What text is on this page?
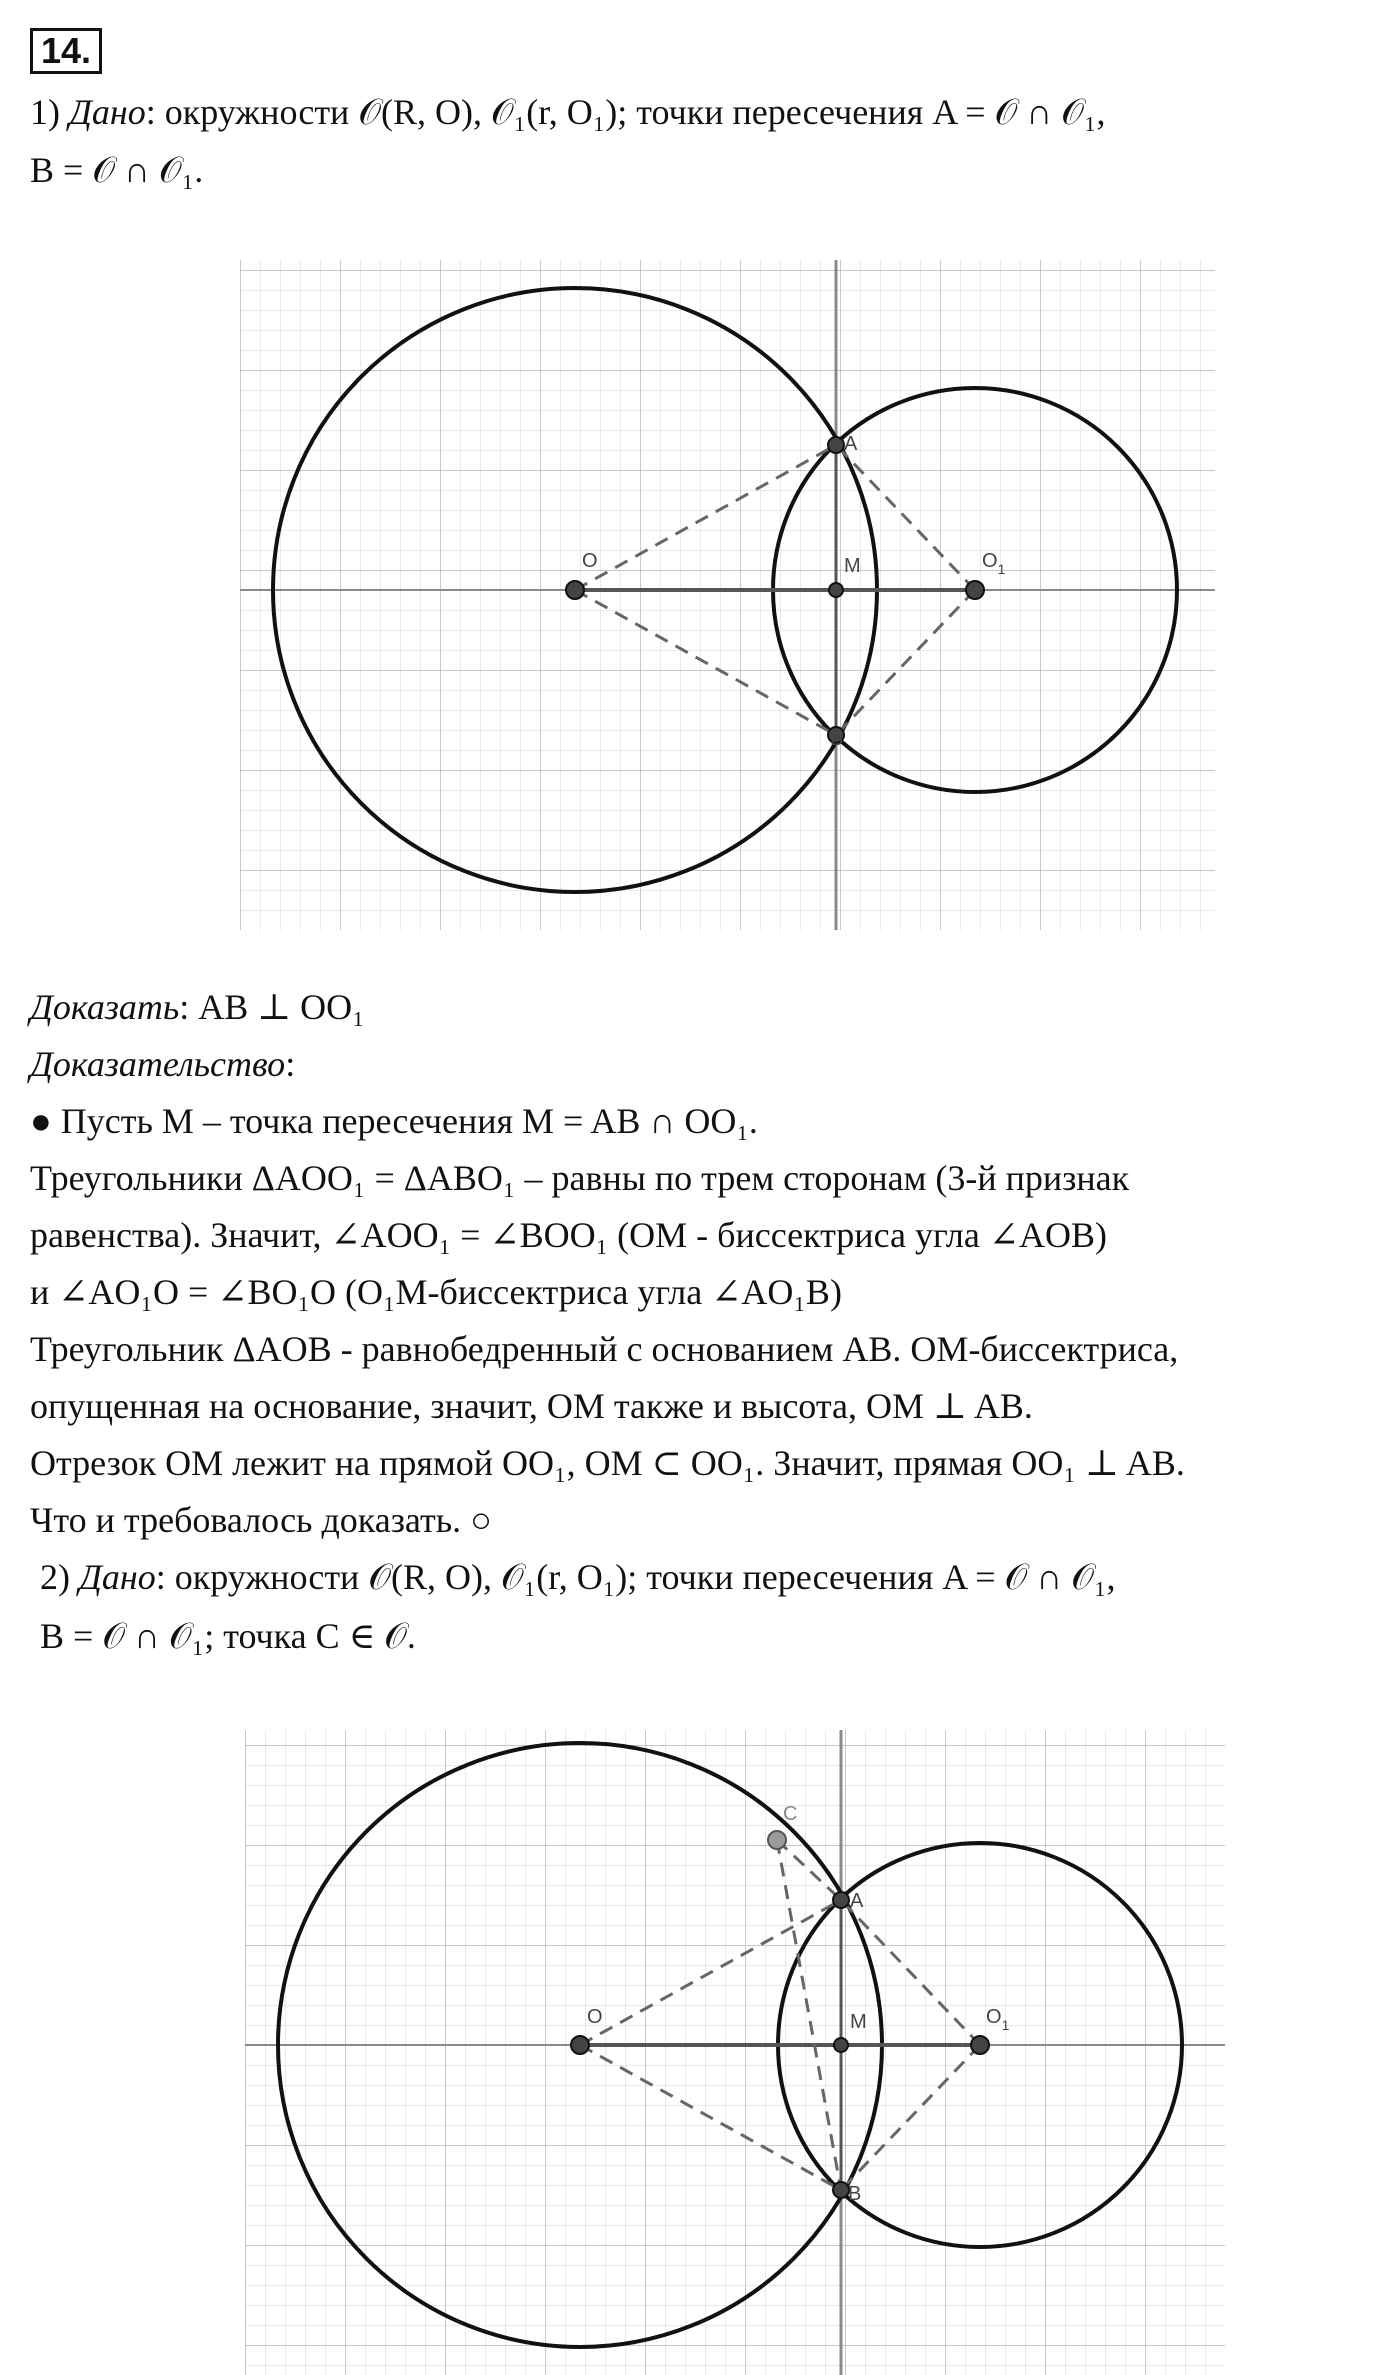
14.
1) Дано: окружности 𝒪(R, O), 𝒪₁(r, O₁); точки пересечения A = 𝒪 ∩ 𝒪₁,
B = 𝒪 ∩ 𝒪₁.
O	$O_1$
M
A
B
Доказать: AB ⊥ OO₁
Доказательство:
● Пусть М – точка пересечения M = AB ∩ OO₁.
Треугольники ΔAOO₁ = ΔABO₁ – равны по трем сторонам (3-й признак
равенства). Значит, ∠AOO₁ = ∠BOO₁ (OM - биссектриса угла ∠AOB)
и ∠AO₁O = ∠BO₁O (O₁M-биссектриса угла ∠AO₁B)
Треугольник ΔAOB - равнобедренный с основанием AB. OM-биссектриса,
опущенная на основание, значит, OM также и высота, OM ⊥ AB.
Отрезок OM лежит на прямой OO₁, OM ⊂ OO₁. Значит, прямая OO₁ ⊥ AB.
Что и требовалось доказать. ○
2) Дано: окружности 𝒪(R, O), 𝒪₁(r, O₁); точки пересечения A = 𝒪 ∩ 𝒪₁,
B = 𝒪 ∩ 𝒪₁; точка C ∈ 𝒪.
O	$O_1$
M
A
B
C
